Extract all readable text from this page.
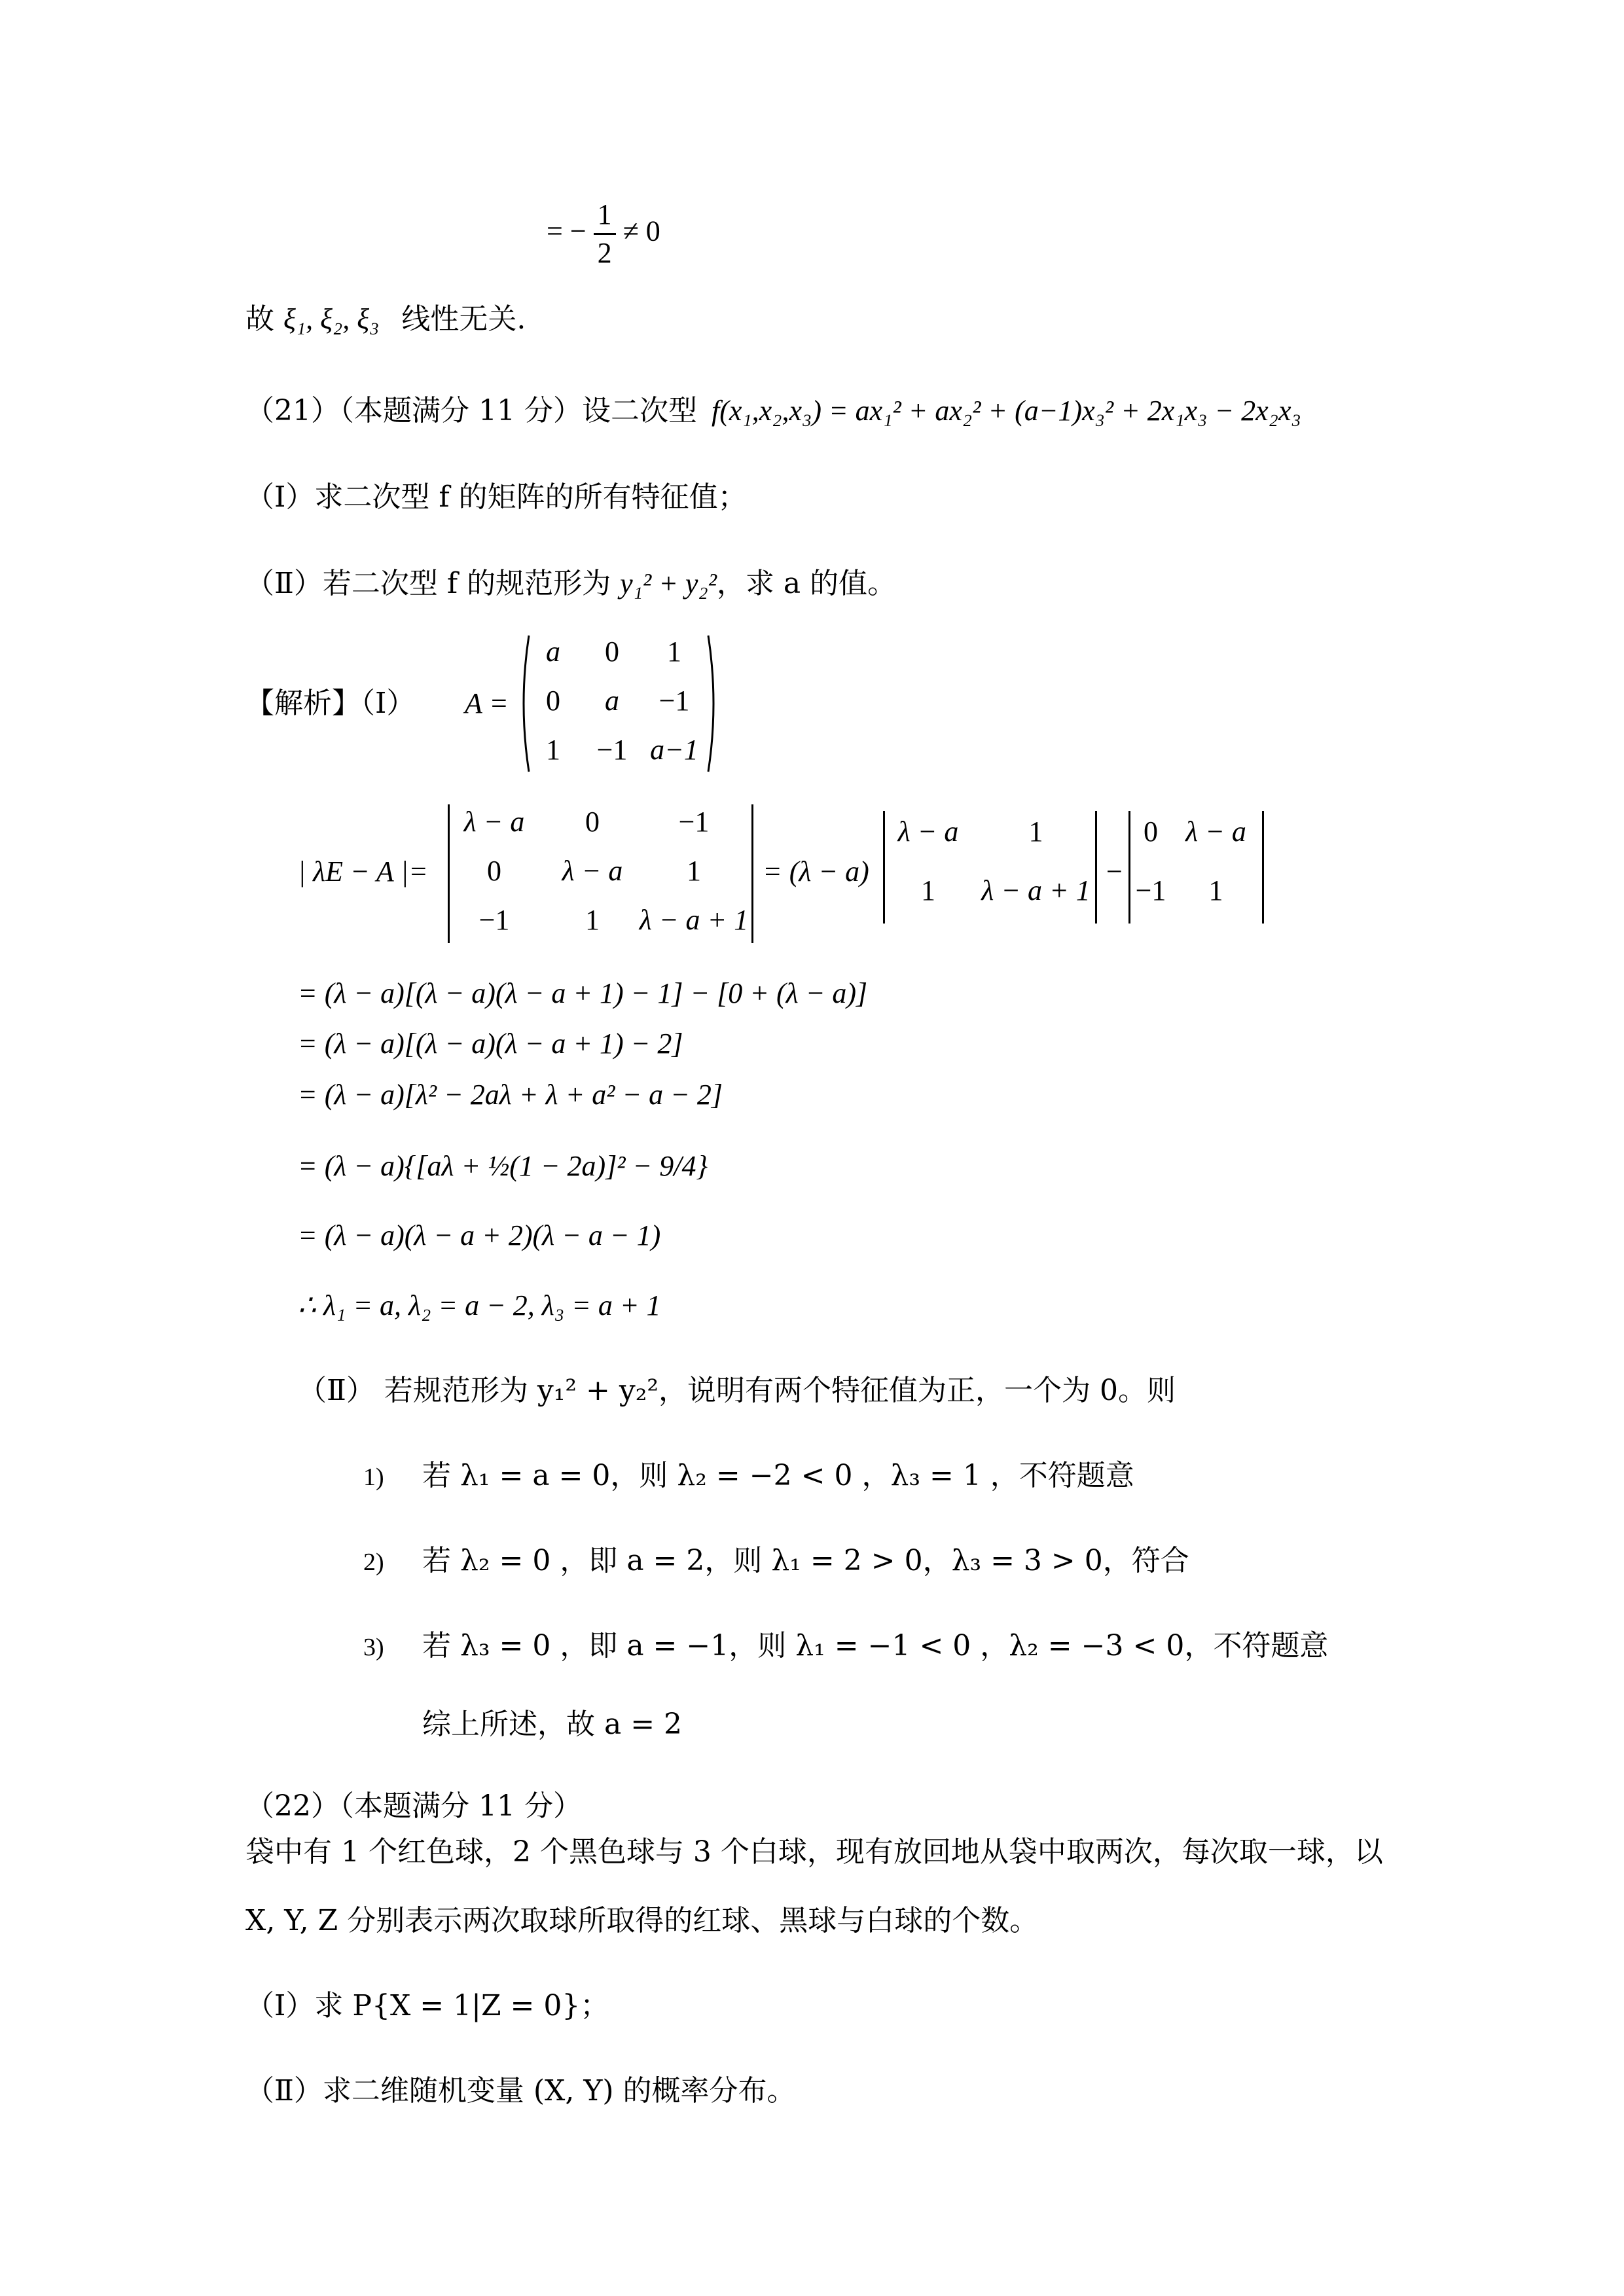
= − $\frac{1}{2} \ne 0$
故 ξ₁, ξ₂, ξ₃ 线性无关.
（21）（本题满分 11 分）设二次型 f(x₁,x₂,x₃) = ax₁² + ax₂² + (a−1)x₃² + 2x₁x₃ − 2x₂x₃
（Ⅰ）求二次型 f 的矩阵的所有特征值；
（Ⅱ）若二次型 f 的规范形为 y₁² + y₂²，求 a 的值。
【解析】（Ⅰ） A =
a	0	1
0	a	−1
1	−1 a−1
| λE − A |=
λ − a	0	−1
0	λ − a	1
−1	1	λ − a + 1
= (λ − a)
λ − a	1
1	λ − a + 1
−
0 λ − a
−1	1
= (λ − a)[(λ − a)(λ − a + 1) − 1] − [0 + (λ − a)]
= (λ − a)[(λ − a)(λ − a + 1) − 2]
= (λ − a)[λ² − 2aλ + λ + a² − a − 2]
= (λ − a){[aλ + ½(1 − 2a)]² − 9/4}
= (λ − a)(λ − a + 2)(λ − a − 1)
∴ λ₁ = a, λ₂ = a − 2, λ₃ = a + 1
（Ⅱ） 若规范形为 y₁² + y₂²，说明有两个特征值为正，一个为 0。则
1) 若 λ₁ = a = 0，则 λ₂ = −2 < 0 ，λ₃ = 1 ，不符题意
2) 若 λ₂ = 0 ，即 a = 2，则 λ₁ = 2 > 0，λ₃ = 3 > 0，符合
3) 若 λ₃ = 0 ，即 a = −1，则 λ₁ = −1 < 0 ，λ₂ = −3 < 0，不符题意
综上所述，故 a = 2
（22）（本题满分 11 分）
袋中有 1 个红色球，2 个黑色球与 3 个白球，现有放回地从袋中取两次，每次取一球，以
X, Y, Z 分别表示两次取球所取得的红球、黑球与白球的个数。
（Ⅰ）求 P{X = 1|Z = 0}；
（Ⅱ）求二维随机变量 (X, Y) 的概率分布。
